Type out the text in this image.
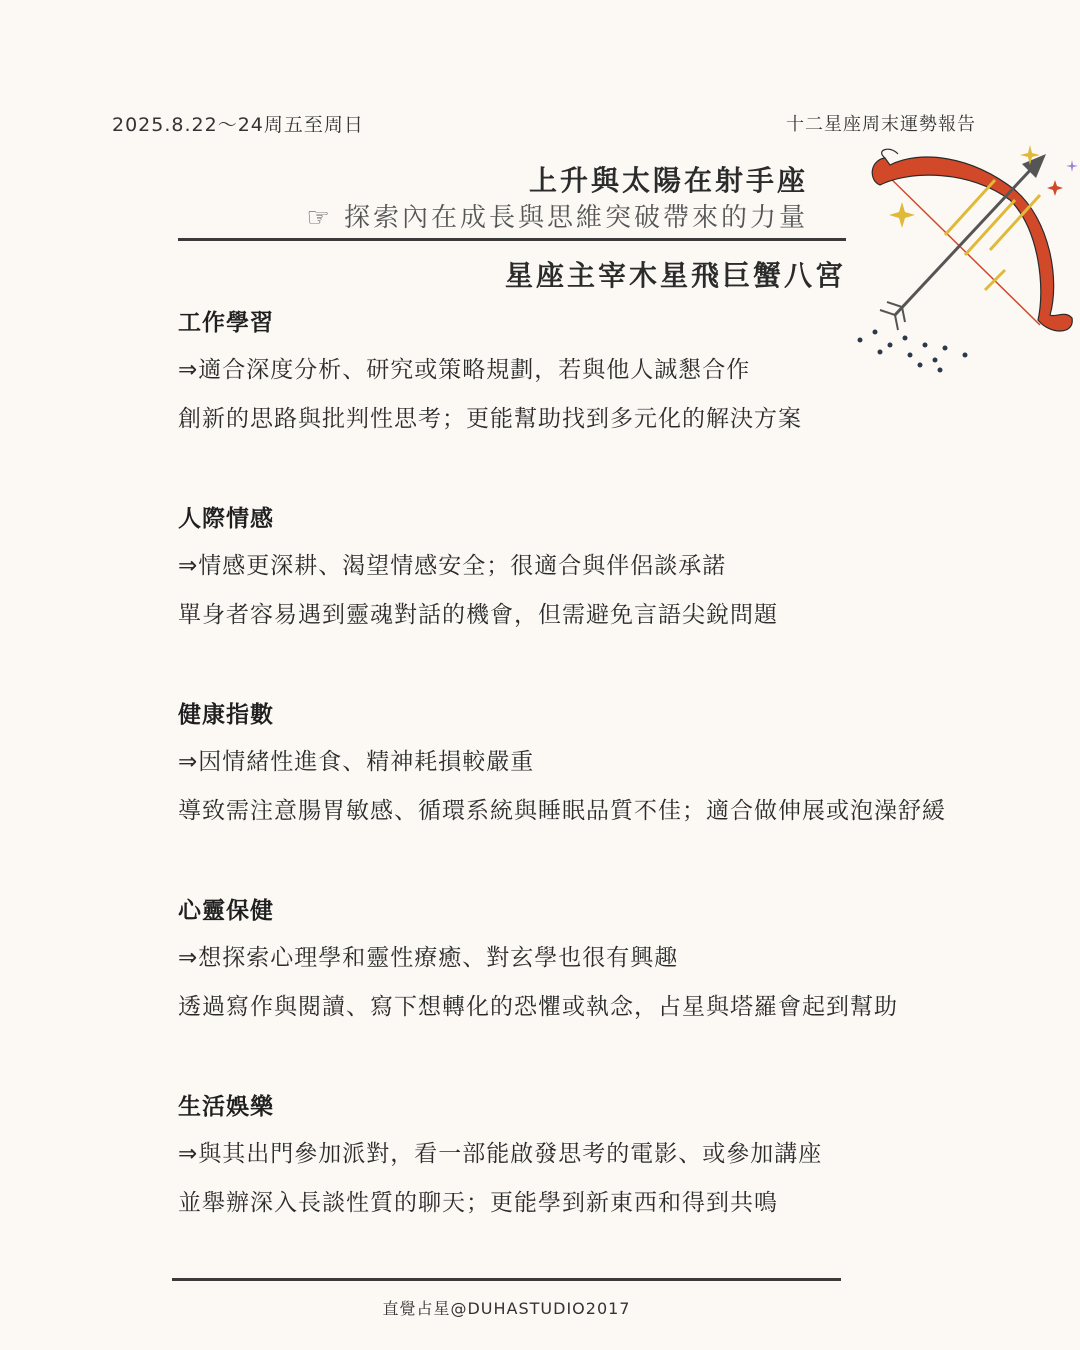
2025.8.22～24周五至周日	十二星座周末運勢報告
上升與太陽在射手座
☞ 探索內在成長與思維突破帶來的力量
星座主宰木星飛巨蟹八宮
工作學習
⇒適合深度分析、研究或策略規劃，若與他人誠懇合作
創新的思路與批判性思考；更能幫助找到多元化的解決方案
人際情感
⇒情感更深耕、渴望情感安全；很適合與伴侶談承諾
單身者容易遇到靈魂對話的機會，但需避免言語尖銳問題
健康指數
⇒因情緒性進食、精神耗損較嚴重
導致需注意腸胃敏感、循環系統與睡眠品質不佳；適合做伸展或泡澡舒緩
心靈保健
⇒想探索心理學和靈性療癒、對玄學也很有興趣
透過寫作與閱讀、寫下想轉化的恐懼或執念，占星與塔羅會起到幫助
生活娛樂
⇒與其出門參加派對，看一部能啟發思考的電影、或參加講座
並舉辦深入長談性質的聊天；更能學到新東西和得到共鳴
直覺占星@DUHASTUDIO2017
